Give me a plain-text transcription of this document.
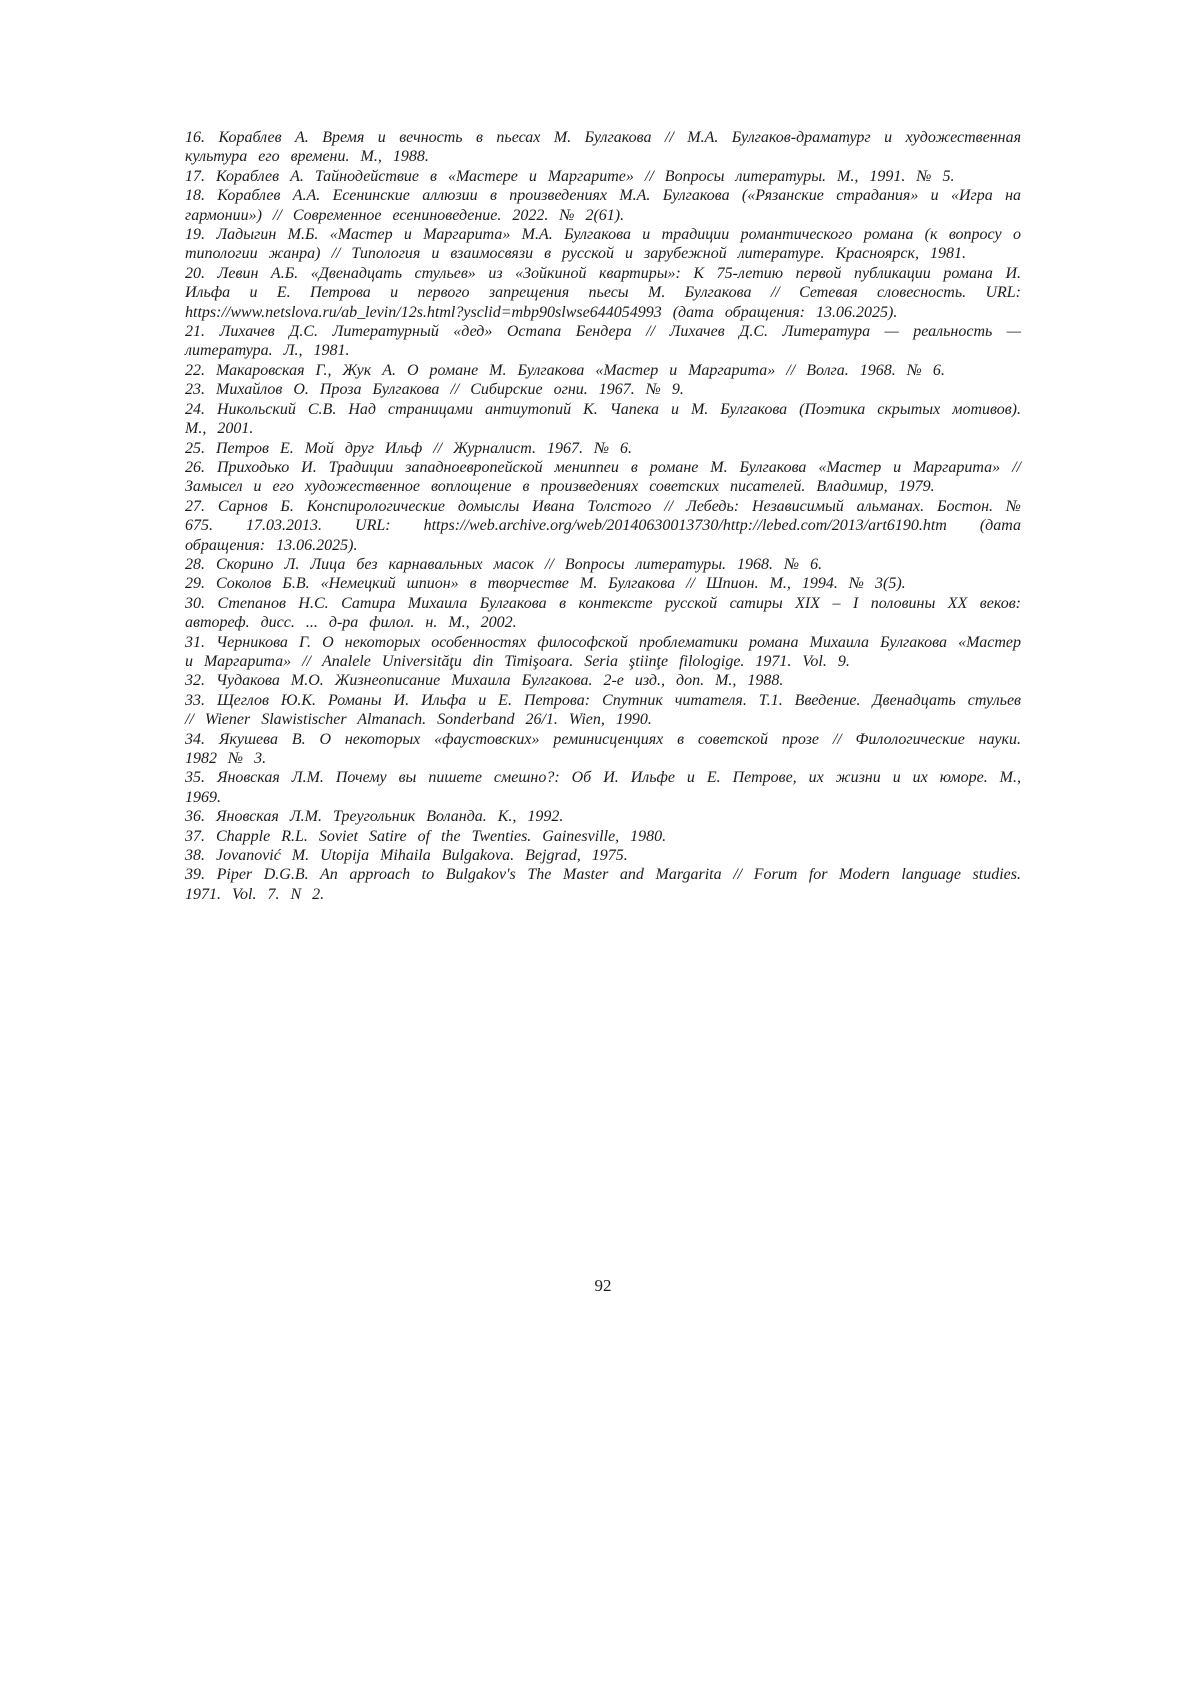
16. Кораблев А. Время и вечность в пьесах М. Булгакова // М.А. Булгаков-драматург и художественная культура его времени. М., 1988.

17. Кораблев А. Тайнодействие в «Мастере и Маргарите» // Вопросы литературы. М., 1991. № 5.

18. Кораблев А.А. Есенинские аллюзии в произведениях М.А. Булгакова («Рязанские страдания» и «Игра на гармонии») // Современное есениноведение. 2022. № 2(61).

19. Ладыгин М.Б. «Мастер и Маргарита» М.А. Булгакова и традиции романтического романа (к вопросу о типологии жанра) // Типология и взаимосвязи в русской и зарубежной литературе. Красноярск, 1981.

20. Левин А.Б. «Двенадцать стульев» из «Зойкиной квартиры»: К 75-летию первой публикации романа И. Ильфа и Е. Петрова и первого запрещения пьесы М. Булгакова // Сетевая словесность. URL: https://www.netslova.ru/ab_levin/12s.html?ysclid=mbp90slwse644054993 (дата обращения: 13.06.2025).

21. Лихачев Д.С. Литературный «дед» Остапа Бендера // Лихачев Д.С. Литература — реальность — литература. Л., 1981.

22. Макаровская Г., Жук А. О романе М. Булгакова «Мастер и Маргарита» // Волга. 1968. № 6.

23. Михайлов О. Проза Булгакова // Сибирские огни. 1967. № 9.

24. Никольский С.В. Над страницами антиутопий К. Чапека и М. Булгакова (Поэтика скрытых мотивов). М., 2001.

25. Петров Е. Мой друг Ильф // Журналист. 1967. № 6.

26. Приходько И. Традиции западноевропейской мениппеи в романе М. Булгакова «Мастер и Маргарита» // Замысел и его художественное воплощение в произведениях советских писателей. Владимир, 1979.

27. Сарнов Б. Конспирологические домыслы Ивана Толстого // Лебедь: Независимый альманах. Бостон. № 675. 17.03.2013. URL: https://web.archive.org/web/20140630013730/http://lebed.com/2013/art6190.htm (дата обращения: 13.06.2025).

28. Скорино Л. Лица без карнавальных масок // Вопросы литературы. 1968. № 6.

29. Соколов Б.В. «Немецкий шпион» в творчестве М. Булгакова // Шпион. М., 1994. № 3(5).

30. Степанов Н.С. Сатира Михаила Булгакова в контексте русской сатиры XIX – I половины XX веков: автореф. дисс. ... д-ра филол. н. М., 2002.

31. Черникова Г. О некоторых особенностях философской проблематики романа Михаила Булгакова «Мастер и Маргарита» // Analele Universităţu din Timişoara. Seria ştiinţe filologige. 1971. Vol. 9.

32. Чудакова М.О. Жизнеописание Михаила Булгакова. 2-е изд., доп. М., 1988.

33. Щеглов Ю.К. Романы И. Ильфа и Е. Петрова: Спутник читателя. Т.1. Введение. Двенадцать стульев // Wiener Slawistischer Almanach. Sonderband 26/1. Wien, 1990.

34. Якушева В. О некоторых «фаустовских» реминисценциях в советской прозе // Филологические науки. 1982 № 3.

35. Яновская Л.М. Почему вы пишете смешно?: Об И. Ильфе и Е. Петрове, их жизни и их юморе. М., 1969.

36. Яновская Л.М. Треугольник Воланда. К., 1992.

37. Chapple R.L. Soviet Satire of the Twenties. Gainesville, 1980.

38. Jovanović M. Utopija Mihaila Bulgakova. Bejgrad, 1975.

39. Piper D.G.B. An approach to Bulgakov's The Master and Margarita // Forum for Modern language studies. 1971. Vol. 7. N 2.

92
